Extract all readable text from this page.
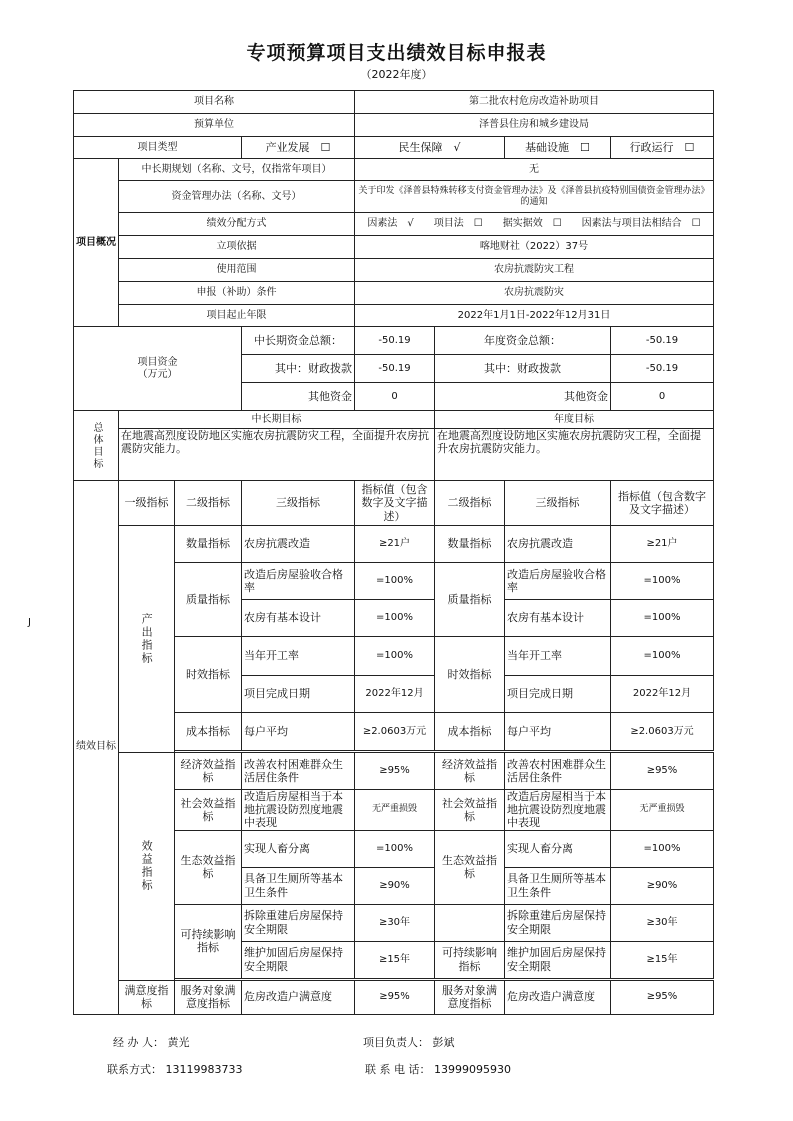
专项预算项目支出绩效目标申报表
（2022年度）
J
项目名称				第二批农村危房改造补助项目			
预算单位				泽普县住房和城乡建设局			
项目类型			产业发展　☐	民生保障　√		基础设施　☐	行政运行　☐
项目概况	中长期规划（名称、文号，仅指常年项目）			无			
	资金管理办法（名称、文号）			关于印发《泽普县特殊转移支付资金管理办法》及《泽普县抗疫特别国债资金管理办法》的通知			
	绩效分配方式			因素法　√　　项目法　☐　　据实据效　☐　　因素法与项目法相结合　☐			
	立项依据			喀地财社（2022）37号			
	使用范围			农房抗震防灾工程			
	申报（补助）条件			农房抗震防灾			
	项目起止年限			2022年1月1日-2022年12月31日			
项目资金
（万元）			中长期资金总额：	-50.19	年度资金总额：		-50.19
			其中：财政拨款	-50.19	其中：财政拨款		-50.19
			其他资金	0	其他资金		0
总体目标	中长期目标				年度目标		
	在地震高烈度设防地区实施农房抗震防灾工程，全面提升农房抗震防灾能力。				在地震高烈度设防地区实施农房抗震防灾工程，全面提升农房抗震防灾能力。		
绩效目标	一级指标	二级指标	三级指标	指标值（包含数字及文字描述）	二级指标	三级指标	指标值（包含数字及文字描述）
	产出指标	数量指标	农房抗震改造	≥21户	数量指标	农房抗震改造	≥21户
		质量指标	改造后房屋验收合格率	=100%	质量指标	改造后房屋验收合格率	=100%
			农房有基本设计	=100%		农房有基本设计	=100%
		时效指标	当年开工率	=100%	时效指标	当年开工率	=100%
			项目完成日期	2022年12月		项目完成日期	2022年12月
		成本指标	每户平均	≥2.0603万元	成本指标	每户平均	≥2.0603万元

	效益指标	经济效益指标	改善农村困难群众生活居住条件	≥95%	经济效益指标	改善农村困难群众生活居住条件	≥95%
		社会效益指标	改造后房屋相当于本地抗震设防烈度地震中表现	无严重损毁	社会效益指标	改造后房屋相当于本地抗震设防烈度地震中表现	无严重损毁
		生态效益指标	实现人畜分离	=100%	生态效益指标	实现人畜分离	=100%
			具备卫生厕所等基本卫生条件	≥90%		具备卫生厕所等基本卫生条件	≥90%
		可持续影响指标	拆除重建后房屋保持安全期限	≥30年		拆除重建后房屋保持安全期限	≥30年
			维护加固后房屋保持安全期限	≥15年	可持续影响指标	维护加固后房屋保持安全期限	≥15年

	满意度指标	服务对象满意度指标	危房改造户满意度	≥95%	服务对象满意度指标	危房改造户满意度	≥95%
经 办 人： 黄光	项目负责人： 彭斌
联系方式： 13119983733	联 系 电 话： 13999095930
